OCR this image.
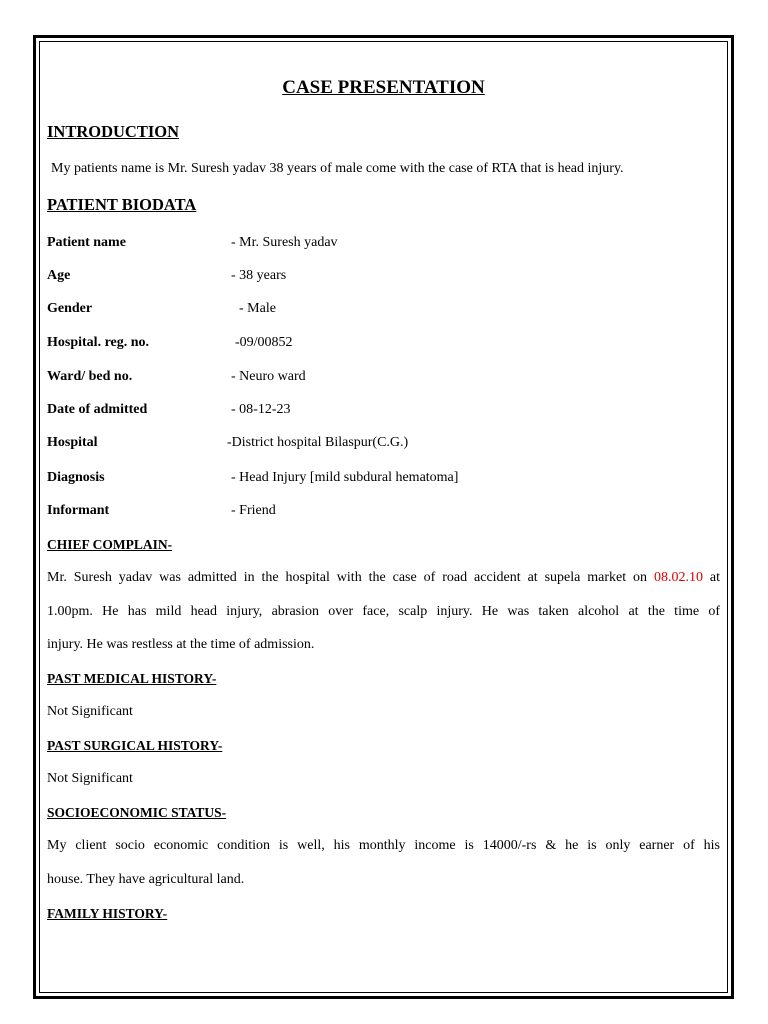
CASE PRESENTATION
INTRODUCTION
My patients name is Mr. Suresh yadav 38 years of male come with the case of RTA that is head injury.
PATIENT BIODATA
Patient name	- Mr. Suresh yadav
Age	- 38 years
Gender	- Male
Hospital. reg. no.	-09/00852
Ward/ bed no.	- Neuro ward
Date of admitted	- 08-12-23
Hospital	-District hospital Bilaspur(C.G.)
Diagnosis	- Head Injury [mild subdural hematoma]
Informant	- Friend
CHIEF COMPLAIN-
Mr. Suresh yadav was admitted in the hospital with the case of road accident at supela market on 08.02.10 at
1.00pm. He has mild head injury, abrasion over face, scalp injury. He was taken alcohol at the time of
injury. He was restless at the time of admission.
PAST MEDICAL HISTORY-
Not Significant
PAST SURGICAL HISTORY-
Not Significant
SOCIOECONOMIC STATUS-
My client socio economic condition is well, his monthly income is 14000/-rs & he is only earner of his
house. They have agricultural land.
FAMILY HISTORY-
